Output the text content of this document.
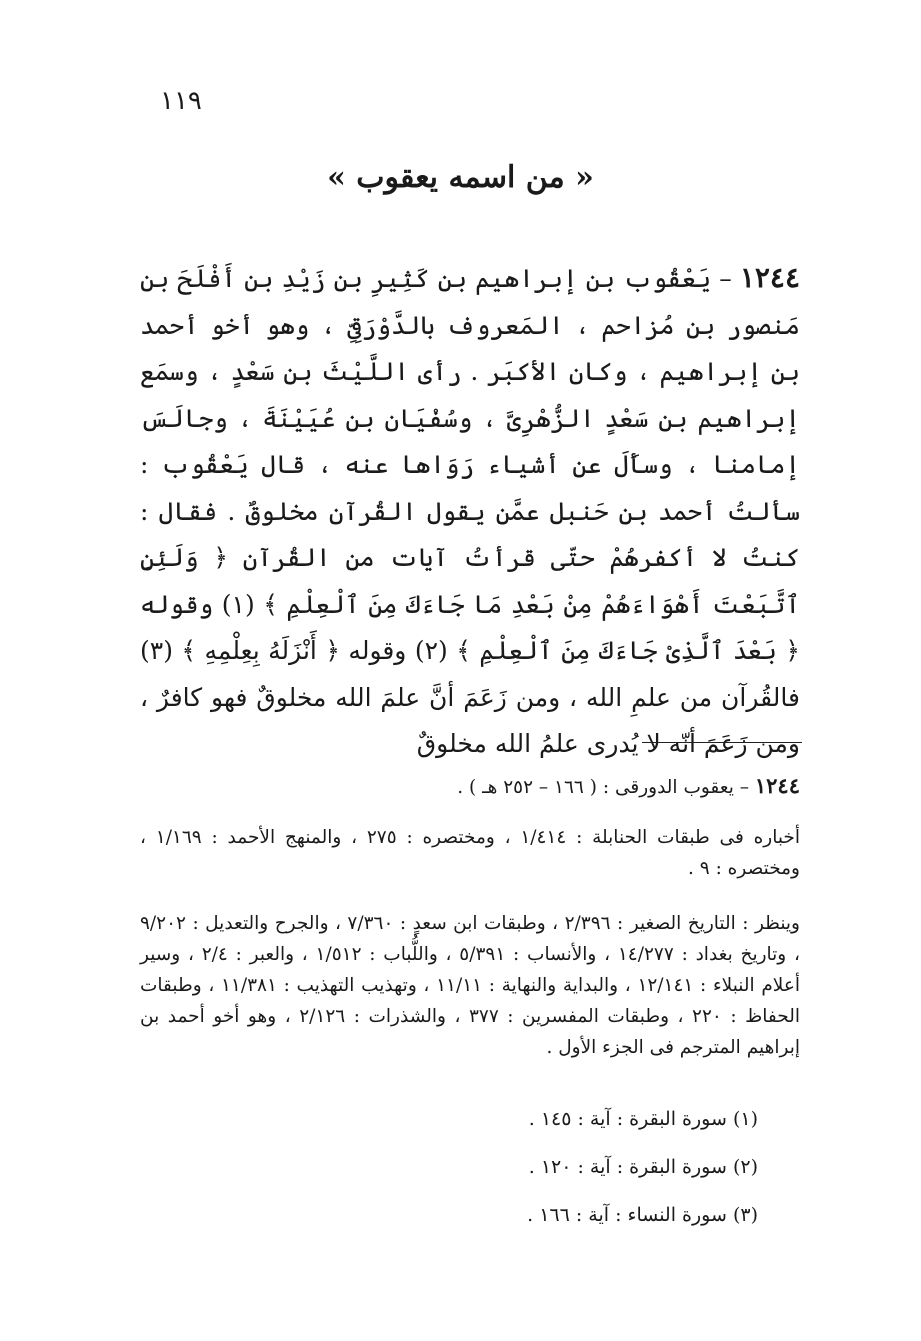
١١٩
« من اسمه يعقوب »
١٢٤٤ – يَعْقُوب بن إبراهيم بن كَثِيرِ بن زَيْدِ بن أَفْلَحَ بن مَنصور بن مُزاحم ، المَعروف بالدَّوْرَقِىِّ ، وهو أخو أحمد بن إبراهيم ، وكان الأكبَر . رأى اللَّيْثَ بن سَعْدٍ ، وسمَع إبراهيم بن سَعْدٍ الزُّهْرِىَّ ، وسُفْيَان بن عُيَيْنَةَ ، وجالَسَ إمامنا ، وسأَلَ عن أشياء رَوَاها عنه ، قال يَعْقُوب : سألتُ أحمد بن حَنبل عمَّن يقول القُرآن مخلوقٌ . فقال : كنتُ لا أكفرهُمْ حتّى قرأتُ آيات من القُرآن ﴿ وَلَئِنِ ٱتَّبَعْتَ أَهْوَاءَهُمْ مِنْ بَعْدِ مَا جَاءَكَ مِنَ ٱلْعِلْمِ ﴾ (١) وقوله ﴿ بَعْدَ ٱلَّذِىْ جَاءَكَ مِنَ ٱلْعِلْمِ ﴾ (٢) وقوله ﴿ أَنْزَلَهُ بِعِلْمِهِ ﴾ (٣) فالقُرآن من علمِ الله ، ومن زَعَمَ أنَّ علمَ الله مخلوقٌ فهو كافرٌ ، ومن زَعَمَ أنّه لا يُدرى علمُ الله مخلوقٌ
١٢٤٤ – يعقوب الدورقى : ( ١٦٦ – ٢٥٢ هـ ) .
أخباره فى طبقات الحنابلة : ١/٤١٤ ، ومختصره : ٢٧٥ ، والمنهج الأحمد : ١/١٦٩ ، ومختصره : ٩ .
وينظر : التاريخ الصغير : ٢/٣٩٦ ، وطبقات ابن سعدٍ : ٧/٣٦٠ ، والجرح والتعديل : ٩/٢٠٢ ، وتاريخ بغداد : ١٤/٢٧٧ ، والأنساب : ٥/٣٩١ ، واللُّباب : ١/٥١٢ ، والعبر : ٢/٤ ، وسير أعلام النبلاء : ١٢/١٤١ ، والبداية والنهاية : ١١/١١ ، وتهذيب التهذيب : ١١/٣٨١ ، وطبقات الحفاظ : ٢٢٠ ، وطبقات المفسرين : ٣٧٧ ، والشذرات : ٢/١٢٦ ، وهو أخو أحمد بن إبراهيم المترجم فى الجزء الأول .
(١) سورة البقرة : آية : ١٤٥ .
(٢) سورة البقرة : آية : ١٢٠ .
(٣) سورة النساء : آية : ١٦٦ .
